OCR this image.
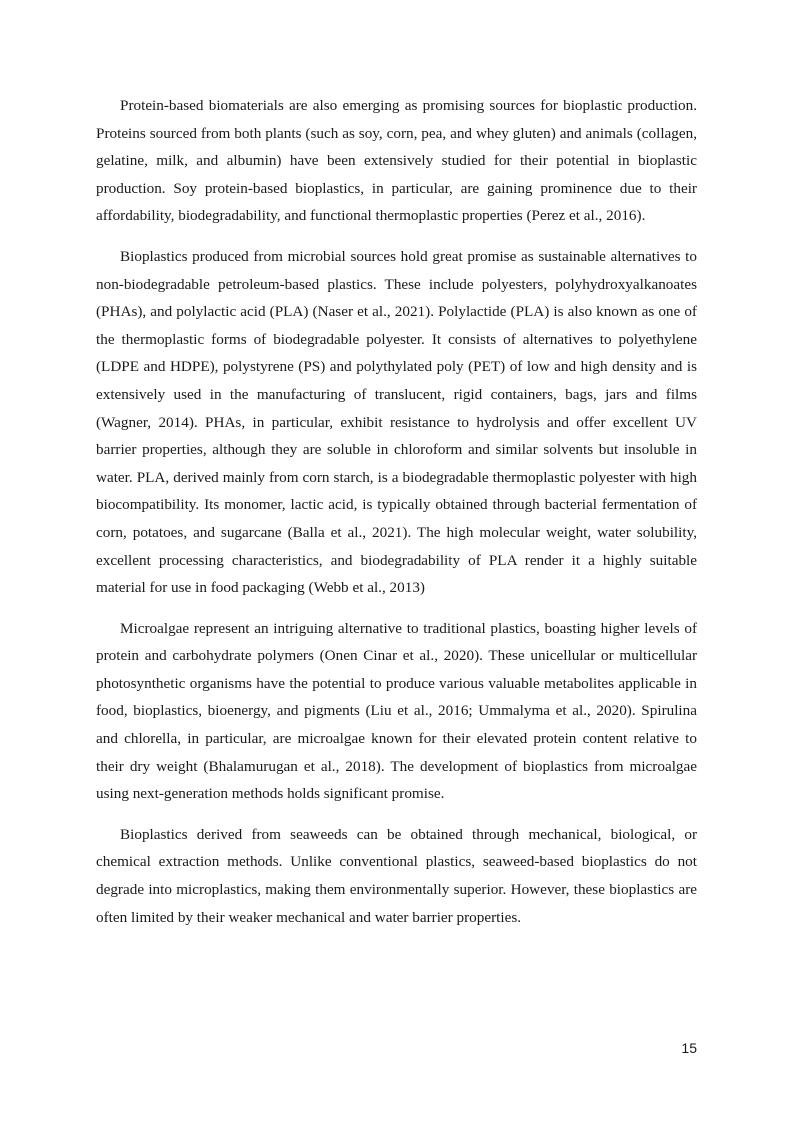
Protein-based biomaterials are also emerging as promising sources for bioplastic production. Proteins sourced from both plants (such as soy, corn, pea, and whey gluten) and animals (collagen, gelatine, milk, and albumin) have been extensively studied for their potential in bioplastic production. Soy protein-based bioplastics, in particular, are gaining prominence due to their affordability, biodegradability, and functional thermoplastic properties (Perez et al., 2016).

Bioplastics produced from microbial sources hold great promise as sustainable alternatives to non-biodegradable petroleum-based plastics. These include polyesters, polyhydroxyalkanoates (PHAs), and polylactic acid (PLA) (Naser et al., 2021). Polylactide (PLA) is also known as one of the thermoplastic forms of biodegradable polyester. It consists of alternatives to polyethylene (LDPE and HDPE), polystyrene (PS) and polythylated poly (PET) of low and high density and is extensively used in the manufacturing of translucent, rigid containers, bags, jars and films (Wagner, 2014). PHAs, in particular, exhibit resistance to hydrolysis and offer excellent UV barrier properties, although they are soluble in chloroform and similar solvents but insoluble in water. PLA, derived mainly from corn starch, is a biodegradable thermoplastic polyester with high biocompatibility. Its monomer, lactic acid, is typically obtained through bacterial fermentation of corn, potatoes, and sugarcane (Balla et al., 2021). The high molecular weight, water solubility, excellent processing characteristics, and biodegradability of PLA render it a highly suitable material for use in food packaging (Webb et al., 2013)

Microalgae represent an intriguing alternative to traditional plastics, boasting higher levels of protein and carbohydrate polymers (Onen Cinar et al., 2020). These unicellular or multicellular photosynthetic organisms have the potential to produce various valuable metabolites applicable in food, bioplastics, bioenergy, and pigments (Liu et al., 2016; Ummalyma et al., 2020). Spirulina and chlorella, in particular, are microalgae known for their elevated protein content relative to their dry weight (Bhalamurugan et al., 2018). The development of bioplastics from microalgae using next-generation methods holds significant promise.

Bioplastics derived from seaweeds can be obtained through mechanical, biological, or chemical extraction methods. Unlike conventional plastics, seaweed-based bioplastics do not degrade into microplastics, making them environmentally superior. However, these bioplastics are often limited by their weaker mechanical and water barrier properties.

15
